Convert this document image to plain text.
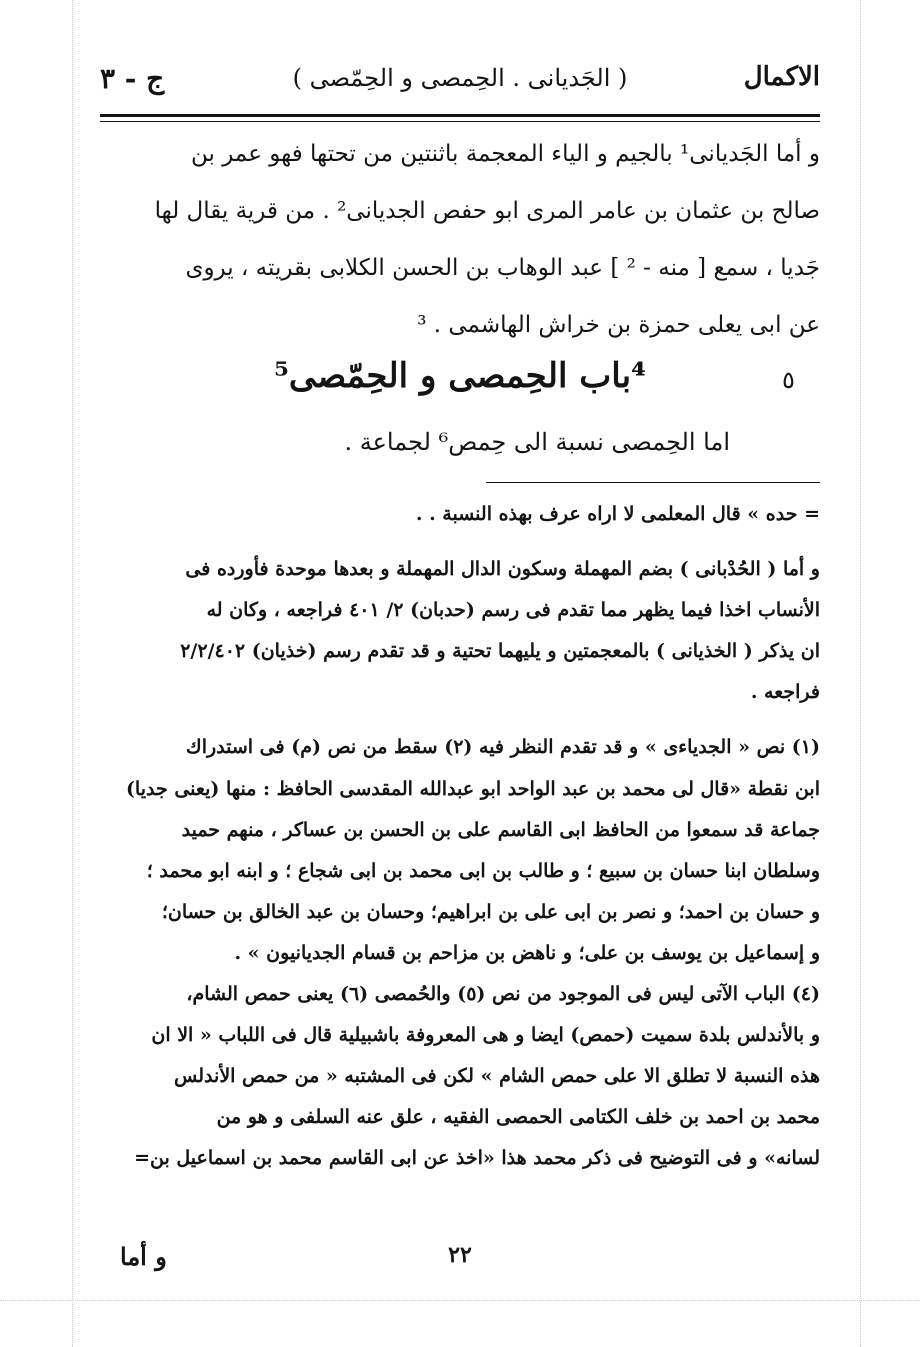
الاكمال
( الجَديانى . الحِمصى و الحِمّصى )
ج - ٣
و أما الجَديانى¹ بالجيم و الياء المعجمة باثنتين من تحتها فهو عمر بن
صالح بن عثمان بن عامر المرى ابو حفص الجديانى² . من قرية يقال لها
جَديا ، سمع [ منه - ² ] عبد الوهاب بن الحسن الكلابى بقريته ، يروى
عن ابى يعلى حمزة بن خراش الهاشمى . ³
٥
⁴باب الحِمصى و الحِمّصى⁵
اما الحِمصى نسبة الى حِمص⁶ لجماعة .
= حده » قال المعلمى لا اراه عرف بهذه النسبة . .
و أما ( الحُدْبانى ) بضم المهملة وسكون الدال المهملة و بعدها موحدة فأورده فى
الأنساب اخذا فيما يظهر مما تقدم فى رسم (حدبان) ٢/ ٤٠١ فراجعه ، وكان له
ان يذكر ( الخذيانى ) بالمعجمتين و يليهما تحتية و قد تقدم رسم (خذيان) ٢/٢/٤٠٢
فراجعه .
(١) نص « الجدياءى » و قد تقدم النظر فيه (٢) سقط من نص (م) فى استدراك
ابن نقطة «قال لى محمد بن عبد الواحد ابو عبدالله المقدسى الحافظ : منها (يعنى جديا)
جماعة قد سمعوا من الحافظ ابى القاسم على بن الحسن بن عساكر ، منهم حميد
وسلطان ابنا حسان بن سبيع ؛ و طالب بن ابى محمد بن ابى شجاع ؛ و ابنه ابو محمد ؛
و حسان بن احمد؛ و نصر بن ابى على بن ابراهيم؛ وحسان بن عبد الخالق بن حسان؛
و إسماعيل بن يوسف بن على؛ و ناهض بن مزاحم بن قسام الجديانيون » .
(٤) الباب الآتى ليس فى الموجود من نص (٥) والحُمصى (٦) يعنى حمص الشام،
و بالأندلس بلدة سميت (حمص) ايضا و هى المعروفة باشبيلية قال فى اللباب « الا ان
هذه النسبة لا تطلق الا على حمص الشام » لكن فى المشتبه « من حمص الأندلس
محمد بن احمد بن خلف الكتامى الحمصى الفقيه ، علق عنه السلفى و هو من
لسانه» و فى التوضيح فى ذكر محمد هذا «اخذ عن ابى القاسم محمد بن اسماعيل بن=
٢٢
و أما
